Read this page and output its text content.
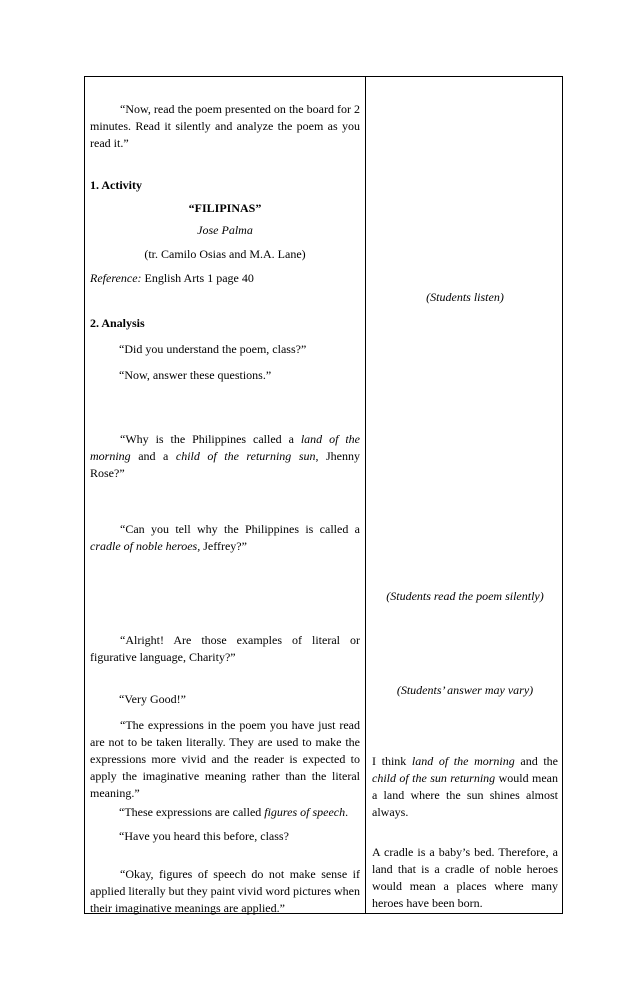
“Now, read the poem presented on the board for 2 minutes. Read it silently and analyze the poem as you read it.”
1. Activity
“FILIPINAS”
Jose Palma
(tr. Camilo Osias and M.A. Lane)
Reference: English Arts 1 page 40
2. Analysis
“Did you understand the poem, class?”
“Now, answer these questions.”
“Why is the Philippines called a land of the morning and a child of the returning sun, Jhenny Rose?”
“Can you tell why the Philippines is called a cradle of noble heroes, Jeffrey?”
“Alright! Are those examples of literal or figurative language, Charity?”
“Very Good!”
“The expressions in the poem you have just read are not to be taken literally. They are used to make the expressions more vivid and the reader is expected to apply the imaginative meaning rather than the literal meaning.”
“These expressions are called figures of speech.
“Have you heard this before, class?
“Okay, figures of speech do not make sense if applied literally but they paint vivid word pictures when their imaginative meanings are applied.”
(Students listen)
(Students read the poem silently)
(Students’ answer may vary)
I think land of the morning and the child of the sun returning would mean a land where the sun shines almost always.
A cradle is a baby’s bed. Therefore, a land that is a cradle of noble heroes would mean a places where many heroes have been born.
